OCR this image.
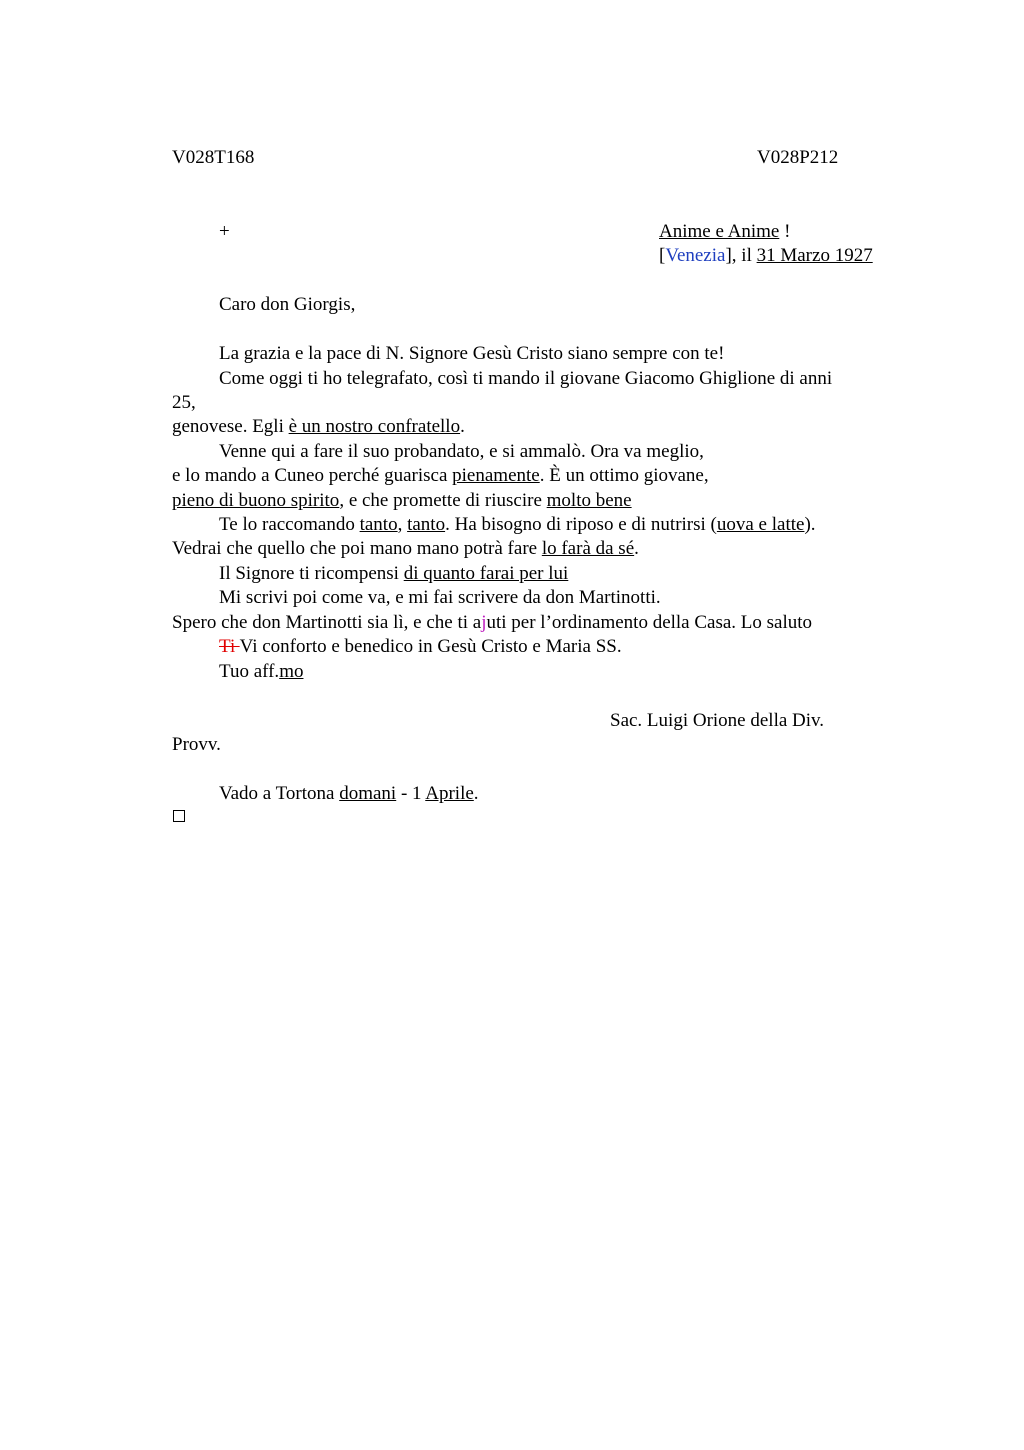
V028T168	V028P212
+	Anime e Anime !
[Venezia], il 31 Marzo 1927
Caro don Giorgis,
La grazia e la pace di N. Signore Gesù Cristo siano sempre con te!
Come oggi ti ho telegrafato, così ti mando il giovane Giacomo Ghiglione di anni
25,
genovese. Egli è un nostro confratello.
Venne qui a fare il suo probandato, e si ammalò. Ora va meglio,
e lo mando a Cuneo perché guarisca pienamente. È un ottimo giovane,
pieno di buono spirito, e che promette di riuscire molto bene
Te lo raccomando tanto, tanto. Ha bisogno di riposo e di nutrirsi (uova e latte).
Vedrai che quello che poi mano mano potrà fare lo farà da sé.
Il Signore ti ricompensi di quanto farai per lui
Mi scrivi poi come va, e mi fai scrivere da don Martinotti.
Spero che don Martinotti sia lì, e che ti ajuti per l’ordinamento della Casa. Lo saluto
Ti Vi conforto e benedico in Gesù Cristo e Maria SS.
Tuo aff.mo
Sac. Luigi Orione della Div.
Provv.
Vado a Tortona domani - 1 Aprile.
